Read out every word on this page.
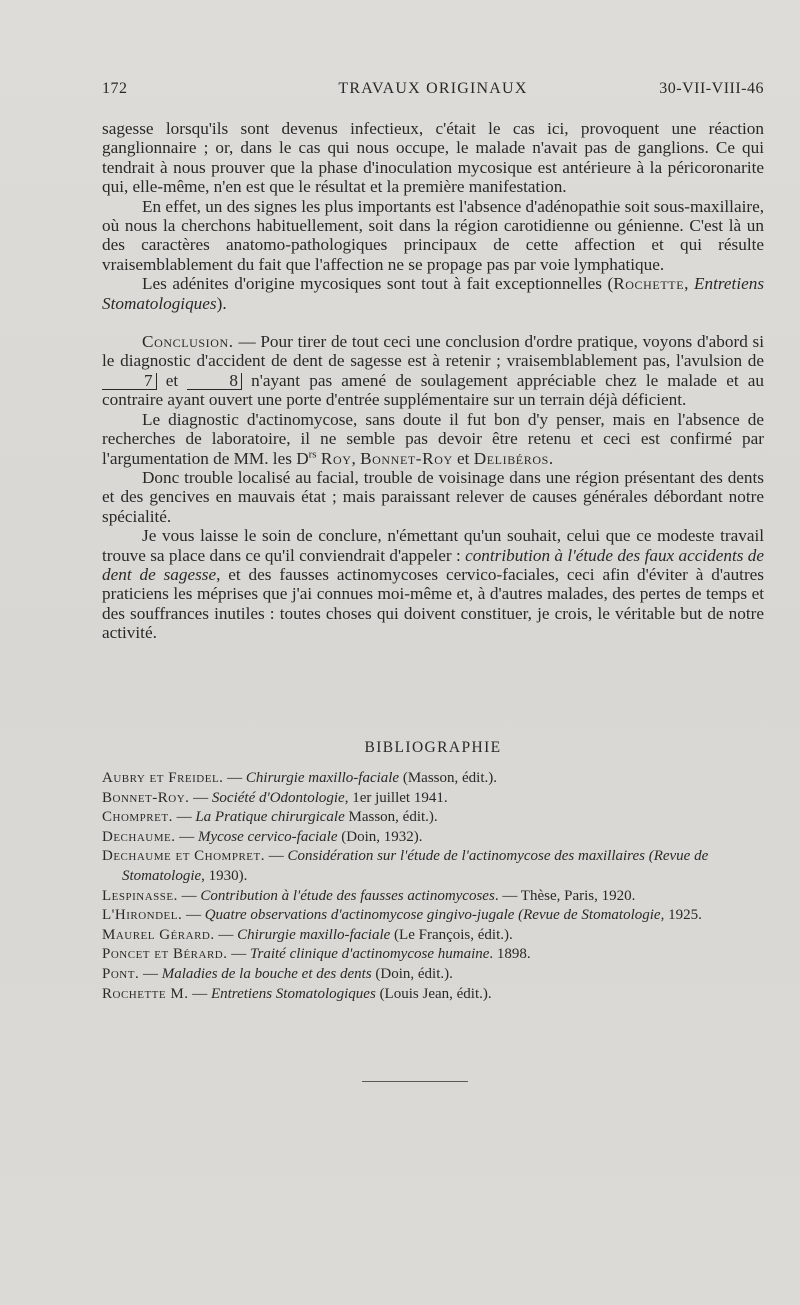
172	TRAVAUX ORIGINAUX	30-VII-VIII-46

sagesse lorsqu'ils sont devenus infectieux, c'était le cas ici, provoquent une réaction ganglionnaire ; or, dans le cas qui nous occupe, le malade n'avait pas de ganglions. Ce qui tendrait à nous prouver que la phase d'inoculation mycosique est antérieure à la péricoronarite qui, elle-même, n'en est que le résultat et la première manifestation.

En effet, un des signes les plus importants est l'absence d'adénopathie soit sous-maxillaire, où nous la cherchons habituellement, soit dans la région carotidienne ou génienne. C'est là un des caractères anatomo-pathologiques principaux de cette affection et qui résulte vraisemblablement du fait que l'affection ne se propage pas par voie lymphatique.

Les adénites d'origine mycosiques sont tout à fait exceptionnelles (Rochette, Entretiens Stomatologiques).

Conclusion. — Pour tirer de tout ceci une conclusion d'ordre pratique, voyons d'abord si le diagnostic d'accident de dent de sagesse est à retenir ; vraisemblablement pas, l'avulsion de 7 et 8 n'ayant pas amené de soulagement appréciable chez le malade et au contraire ayant ouvert une porte d'entrée supplémentaire sur un terrain déjà déficient.

Le diagnostic d'actinomycose, sans doute il fut bon d'y penser, mais en l'absence de recherches de laboratoire, il ne semble pas devoir être retenu et ceci est confirmé par l'argumentation de MM. les $D^{rs}$ Roy, Bonnet-Roy et Delibéros.

Donc trouble localisé au facial, trouble de voisinage dans une région présentant des dents et des gencives en mauvais état ; mais paraissant relever de causes générales débordant notre spécialité.

Je vous laisse le soin de conclure, n'émettant qu'un souhait, celui que ce modeste travail trouve sa place dans ce qu'il conviendrait d'appeler : contribution à l'étude des faux accidents de dent de sagesse, et des fausses actinomycoses cervico-faciales, ceci afin d'éviter à d'autres praticiens les méprises que j'ai connues moi-même et, à d'autres malades, des pertes de temps et des souffrances inutiles : toutes choses qui doivent constituer, je crois, le véritable but de notre activité.

BIBLIOGRAPHIE

Aubry et Freidel. — Chirurgie maxillo-faciale (Masson, édit.).

Bonnet-Roy. — Société d'Odontologie, 1er juillet 1941.

Chompret. — La Pratique chirurgicale Masson, édit.).

Dechaume. — Mycose cervico-faciale (Doin, 1932).

Dechaume et Chompret. — Considération sur l'étude de l'actinomycose des maxillaires (Revue de Stomatologie, 1930).

Lespinasse. — Contribution à l'étude des fausses actinomycoses. — Thèse, Paris, 1920.

L'Hirondel. — Quatre observations d'actinomycose gingivo-jugale (Revue de Stomatologie, 1925.

Maurel Gérard. — Chirurgie maxillo-faciale (Le François, édit.).

Poncet et Bérard. — Traité clinique d'actinomycose humaine. 1898.

Pont. — Maladies de la bouche et des dents (Doin, édit.).

Rochette M. — Entretiens Stomatologiques (Louis Jean, édit.).
